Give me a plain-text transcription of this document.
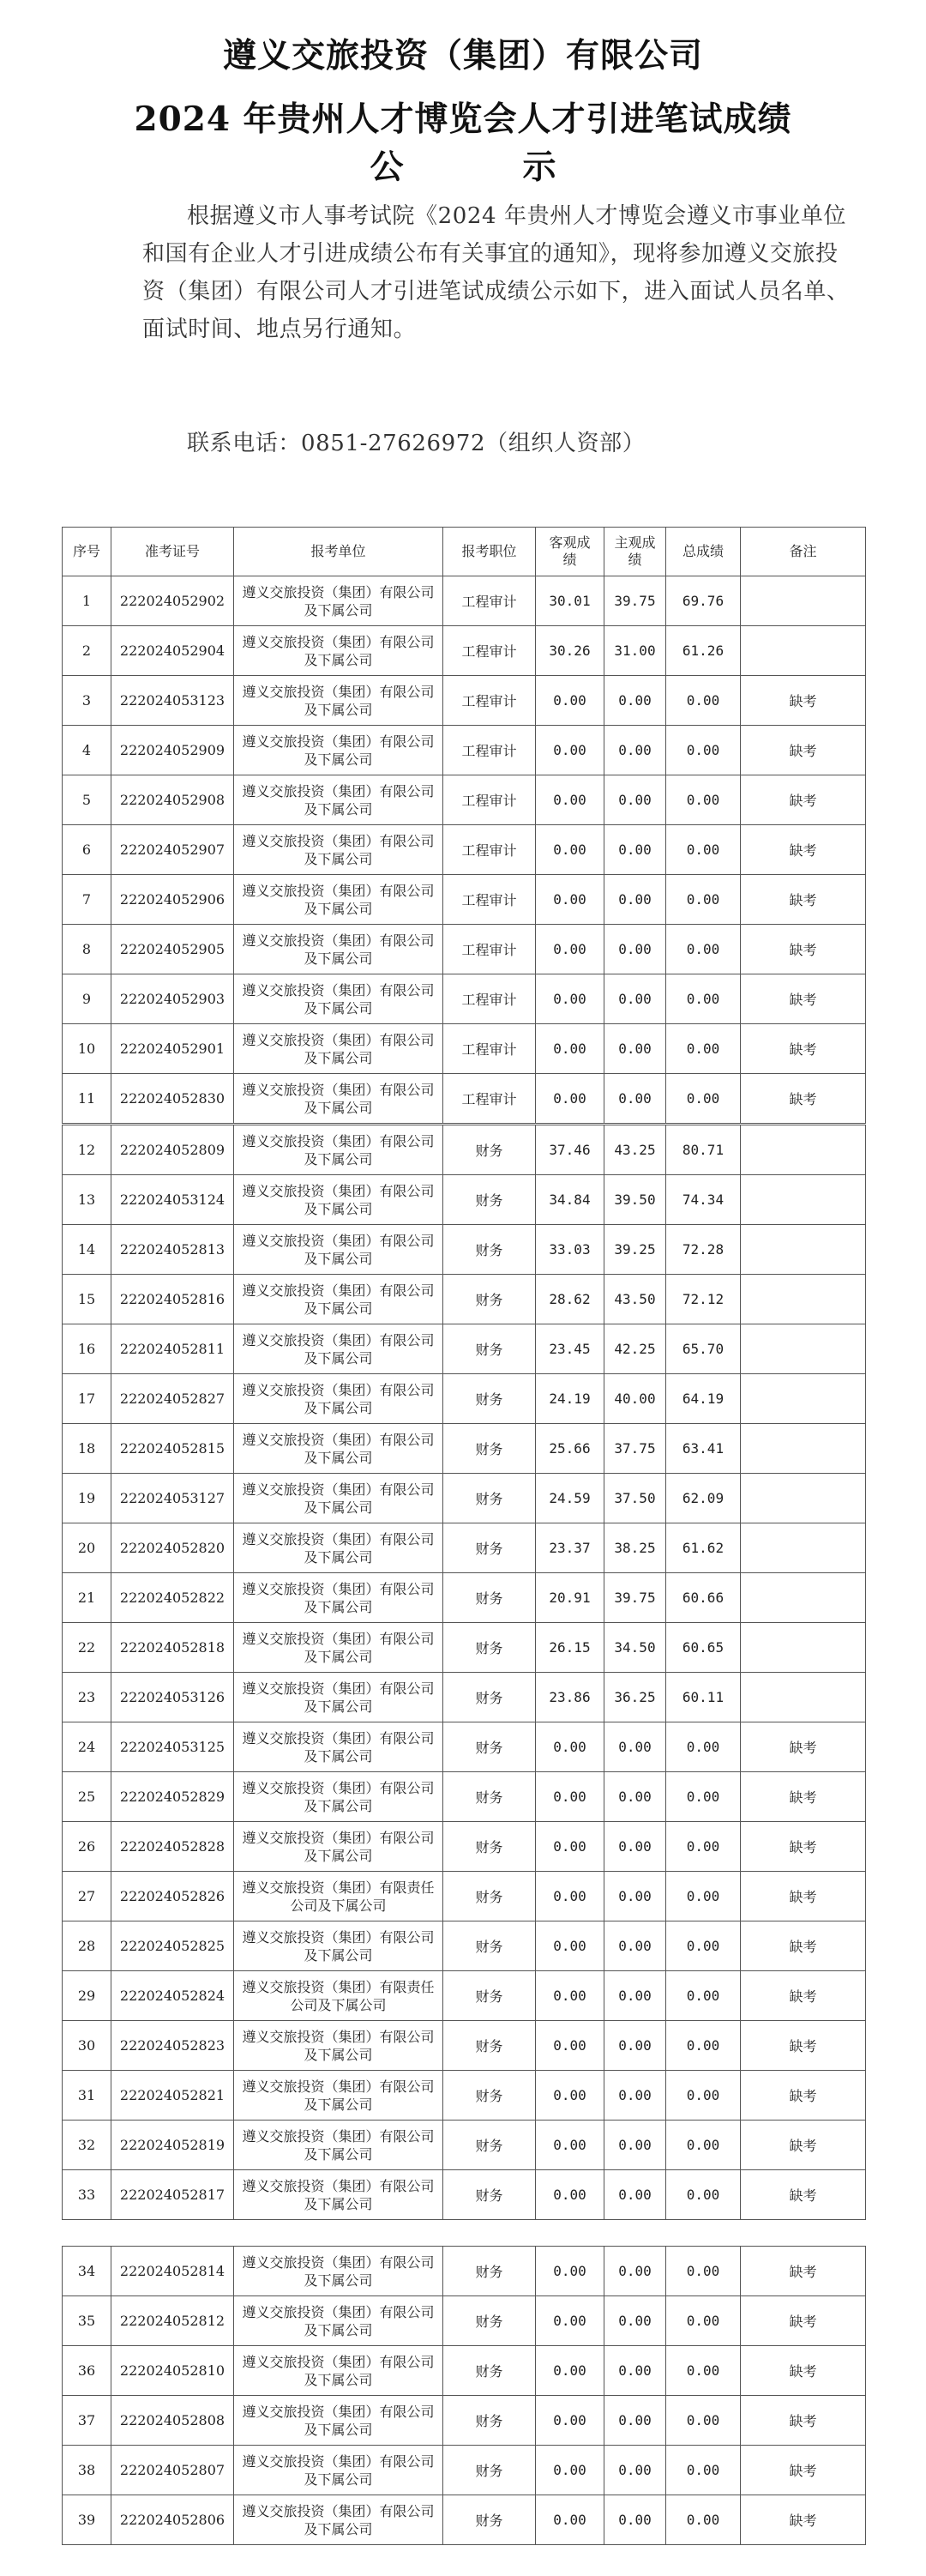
遵义交旅投资（集团）有限公司
2024 年贵州人才博览会人才引进笔试成绩
公　示
根据遵义市人事考试院《2024 年贵州人才博览会遵义市事业单位和国有企业人才引进成绩公布有关事宜的通知》，现将参加遵义交旅投资（集团）有限公司人才引进笔试成绩公示如下，进入面试人员名单、面试时间、地点另行通知。
联系电话：0851-27626972（组织人资部）
序号	准考证号	报考单位	报考职位	客观成绩	主观成绩	总成绩	备注
1	222024052902	遵义交旅投资（集团）有限公司及下属公司	工程审计	30.01	39.75	69.76	
2	222024052904	遵义交旅投资（集团）有限公司及下属公司	工程审计	30.26	31.00	61.26	
3	222024053123	遵义交旅投资（集团）有限公司及下属公司	工程审计	0.00	0.00	0.00	缺考
4	222024052909	遵义交旅投资（集团）有限公司及下属公司	工程审计	0.00	0.00	0.00	缺考
5	222024052908	遵义交旅投资（集团）有限公司及下属公司	工程审计	0.00	0.00	0.00	缺考
6	222024052907	遵义交旅投资（集团）有限公司及下属公司	工程审计	0.00	0.00	0.00	缺考
7	222024052906	遵义交旅投资（集团）有限公司及下属公司	工程审计	0.00	0.00	0.00	缺考
8	222024052905	遵义交旅投资（集团）有限公司及下属公司	工程审计	0.00	0.00	0.00	缺考
9	222024052903	遵义交旅投资（集团）有限公司及下属公司	工程审计	0.00	0.00	0.00	缺考
10	222024052901	遵义交旅投资（集团）有限公司及下属公司	工程审计	0.00	0.00	0.00	缺考
11	222024052830	遵义交旅投资（集团）有限公司及下属公司	工程审计	0.00	0.00	0.00	缺考
12	222024052809	遵义交旅投资（集团）有限公司及下属公司	财务	37.46	43.25	80.71	
13	222024053124	遵义交旅投资（集团）有限公司及下属公司	财务	34.84	39.50	74.34	
14	222024052813	遵义交旅投资（集团）有限公司及下属公司	财务	33.03	39.25	72.28	
15	222024052816	遵义交旅投资（集团）有限公司及下属公司	财务	28.62	43.50	72.12	
16	222024052811	遵义交旅投资（集团）有限公司及下属公司	财务	23.45	42.25	65.70	
17	222024052827	遵义交旅投资（集团）有限公司及下属公司	财务	24.19	40.00	64.19	
18	222024052815	遵义交旅投资（集团）有限公司及下属公司	财务	25.66	37.75	63.41	
19	222024053127	遵义交旅投资（集团）有限公司及下属公司	财务	24.59	37.50	62.09	
20	222024052820	遵义交旅投资（集团）有限公司及下属公司	财务	23.37	38.25	61.62	
21	222024052822	遵义交旅投资（集团）有限公司及下属公司	财务	20.91	39.75	60.66	
22	222024052818	遵义交旅投资（集团）有限公司及下属公司	财务	26.15	34.50	60.65	
23	222024053126	遵义交旅投资（集团）有限公司及下属公司	财务	23.86	36.25	60.11	
24	222024053125	遵义交旅投资（集团）有限公司及下属公司	财务	0.00	0.00	0.00	缺考
25	222024052829	遵义交旅投资（集团）有限公司及下属公司	财务	0.00	0.00	0.00	缺考
26	222024052828	遵义交旅投资（集团）有限公司及下属公司	财务	0.00	0.00	0.00	缺考
27	222024052826	遵义交旅投资（集团）有限责任公司及下属公司	财务	0.00	0.00	0.00	缺考
28	222024052825	遵义交旅投资（集团）有限公司及下属公司	财务	0.00	0.00	0.00	缺考
29	222024052824	遵义交旅投资（集团）有限责任公司及下属公司	财务	0.00	0.00	0.00	缺考
30	222024052823	遵义交旅投资（集团）有限公司及下属公司	财务	0.00	0.00	0.00	缺考
31	222024052821	遵义交旅投资（集团）有限公司及下属公司	财务	0.00	0.00	0.00	缺考
32	222024052819	遵义交旅投资（集团）有限公司及下属公司	财务	0.00	0.00	0.00	缺考
33	222024052817	遵义交旅投资（集团）有限公司及下属公司	财务	0.00	0.00	0.00	缺考
34	222024052814	遵义交旅投资（集团）有限公司及下属公司	财务	0.00	0.00	0.00	缺考
35	222024052812	遵义交旅投资（集团）有限公司及下属公司	财务	0.00	0.00	0.00	缺考
36	222024052810	遵义交旅投资（集团）有限公司及下属公司	财务	0.00	0.00	0.00	缺考
37	222024052808	遵义交旅投资（集团）有限公司及下属公司	财务	0.00	0.00	0.00	缺考
38	222024052807	遵义交旅投资（集团）有限公司及下属公司	财务	0.00	0.00	0.00	缺考
39	222024052806	遵义交旅投资（集团）有限公司及下属公司	财务	0.00	0.00	0.00	缺考
